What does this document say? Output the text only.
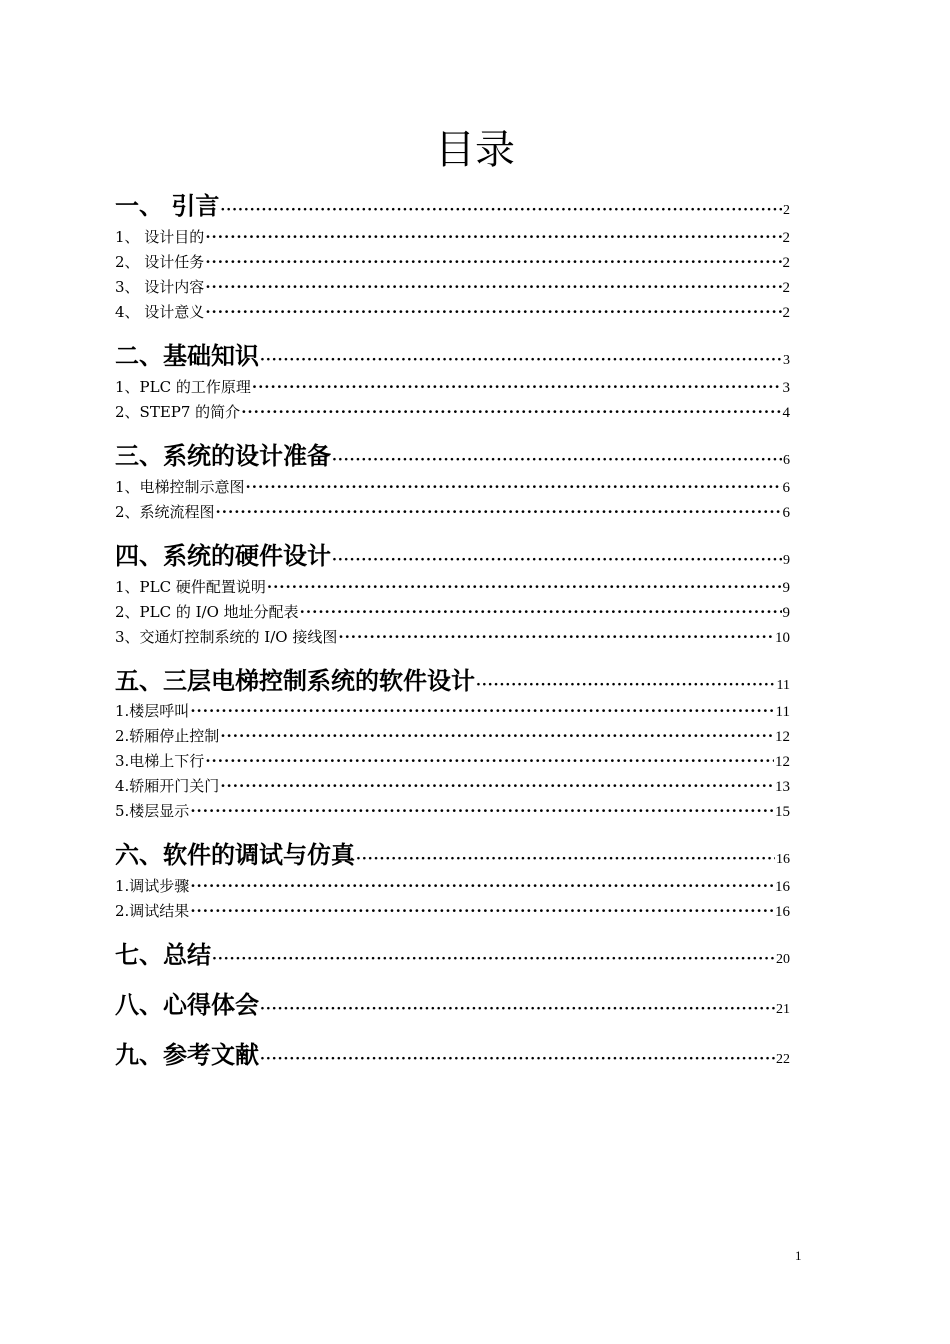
目录
一、 引言 ·····	2
1、 设计目的 ·····	2
2、 设计任务 ·····	2
3、 设计内容 ·····	2
4、 设计意义 ·····	2
二、基础知识 ·····	3
1、PLC 的工作原理 ·····	3
2、STEP7 的简介 ·····	4
三、系统的设计准备 ·····	6
1、电梯控制示意图 ·····	6
2、系统流程图 ·····	6
四、系统的硬件设计 ·····	9
1、PLC 硬件配置说明 ·····	9
2、PLC 的 I/O 地址分配表 ·····	9
3、交通灯控制系统的 I/O 接线图 ·····	10
五、三层电梯控制系统的软件设计 ·····	11
1.楼层呼叫 ·····	11
2.轿厢停止控制 ·····	12
3.电梯上下行 ·····	12
4.轿厢开门关门 ·····	13
5.楼层显示 ·····	15
六、软件的调试与仿真 ·····	16
1.调试步骤 ·····	16
2.调试结果 ·····	16
七、总结 ·····	20
八、心得体会 ·····	21
九、参考文献 ·····	22
1
